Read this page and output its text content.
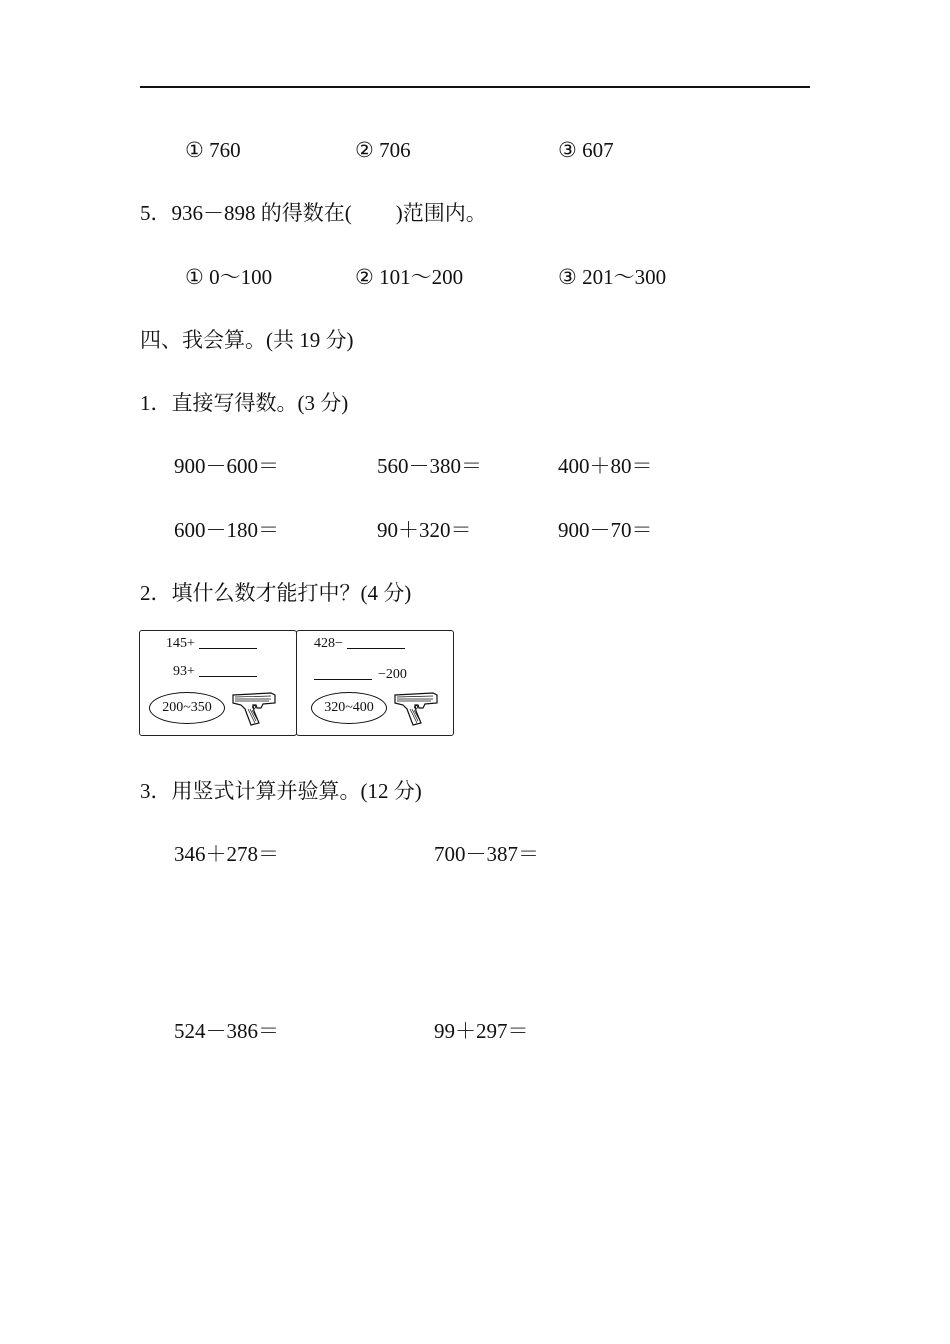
① 760	② 706	③ 607
5．936－898 的得数在( )范围内。
① 0～100	② 101～200	③ 201～300
四、我会算。(共 19 分)
1．直接写得数。(3 分)
900－600＝	560－380＝	400＋80＝
600－180＝	90＋320＝	900－70＝
2．填什么数才能打中？(4 分)
145+
93+
200~350
428−
−200
320~400
3．用竖式计算并验算。(12 分)
346＋278＝	700－387＝
524－386＝	99＋297＝
